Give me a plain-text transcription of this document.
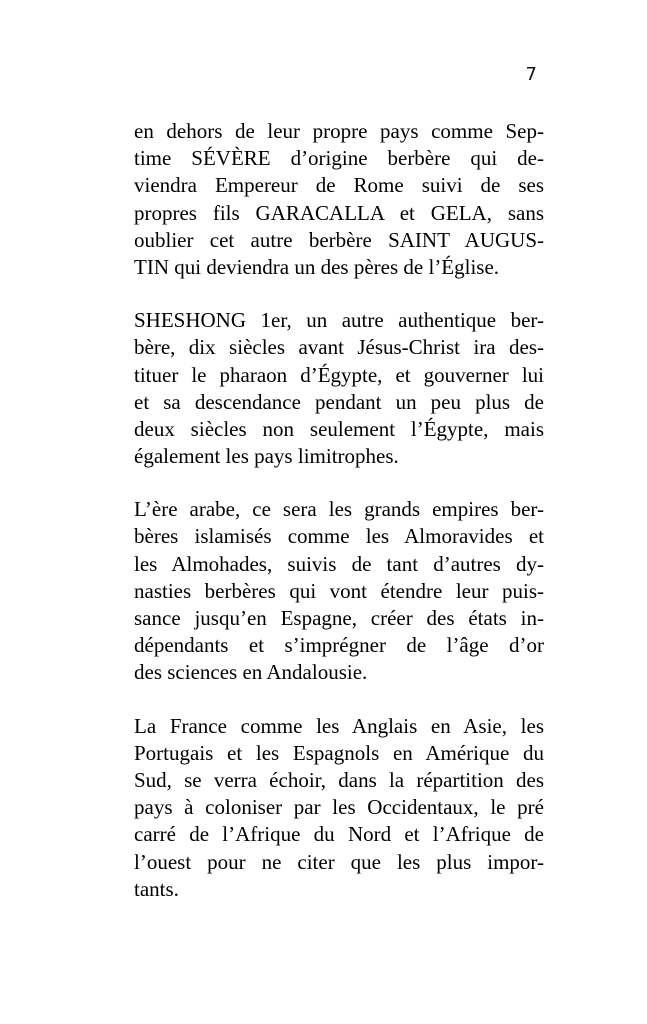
7

en dehors de leur propre pays comme Sep-
time SÉVÈRE d’origine berbère qui de-
viendra Empereur de Rome suivi de ses
propres fils GARACALLA et GELA, sans
oublier cet autre berbère SAINT AUGUS-
TIN qui deviendra un des pères de l’Église.

SHESHONG 1er, un autre authentique ber-
bère, dix siècles avant Jésus-Christ ira des-
tituer le pharaon d’Égypte, et gouverner lui
et sa descendance pendant un peu plus de
deux siècles non seulement l’Égypte, mais
également les pays limitrophes.

L’ère arabe, ce sera les grands empires ber-
bères islamisés comme les Almoravides et
les Almohades, suivis de tant d’autres dy-
nasties berbères qui vont étendre leur puis-
sance jusqu’en Espagne, créer des états in-
dépendants et s’imprégner de l’âge d’or
des sciences en Andalousie.

La France comme les Anglais en Asie, les
Portugais et les Espagnols en Amérique du
Sud, se verra échoir, dans la répartition des
pays à coloniser par les Occidentaux, le pré
carré de l’Afrique du Nord et l’Afrique de
l’ouest pour ne citer que les plus impor-
tants.
